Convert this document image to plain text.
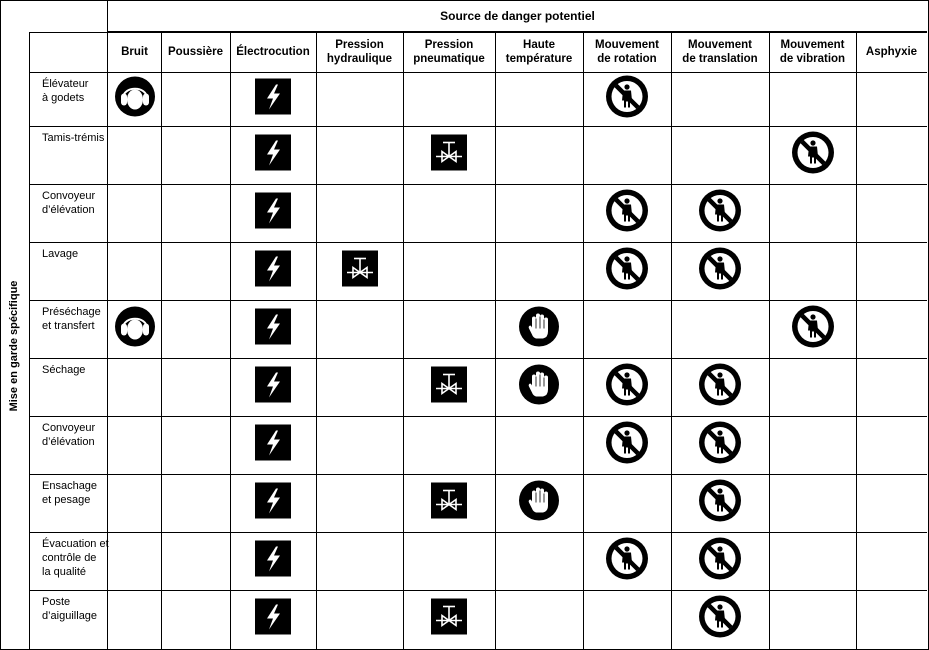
Mise en garde spécifique
Source de danger potentiel
Bruit	Poussière	Électrocution
Pression
hydraulique
Pression
pneumatique
Haute
température
Mouvement
de rotation
Mouvement
de translation
Mouvement
de vibration
Asphyxie
Élévateur
à godets
Tamis-trémis
Convoyeur
d’élévation
Lavage
Préséchage
et transfert
Séchage
Convoyeur
d’élévation
Ensachage
et pesage
Évacuation et
contrôle de
la qualité
Poste
d’aiguillage
